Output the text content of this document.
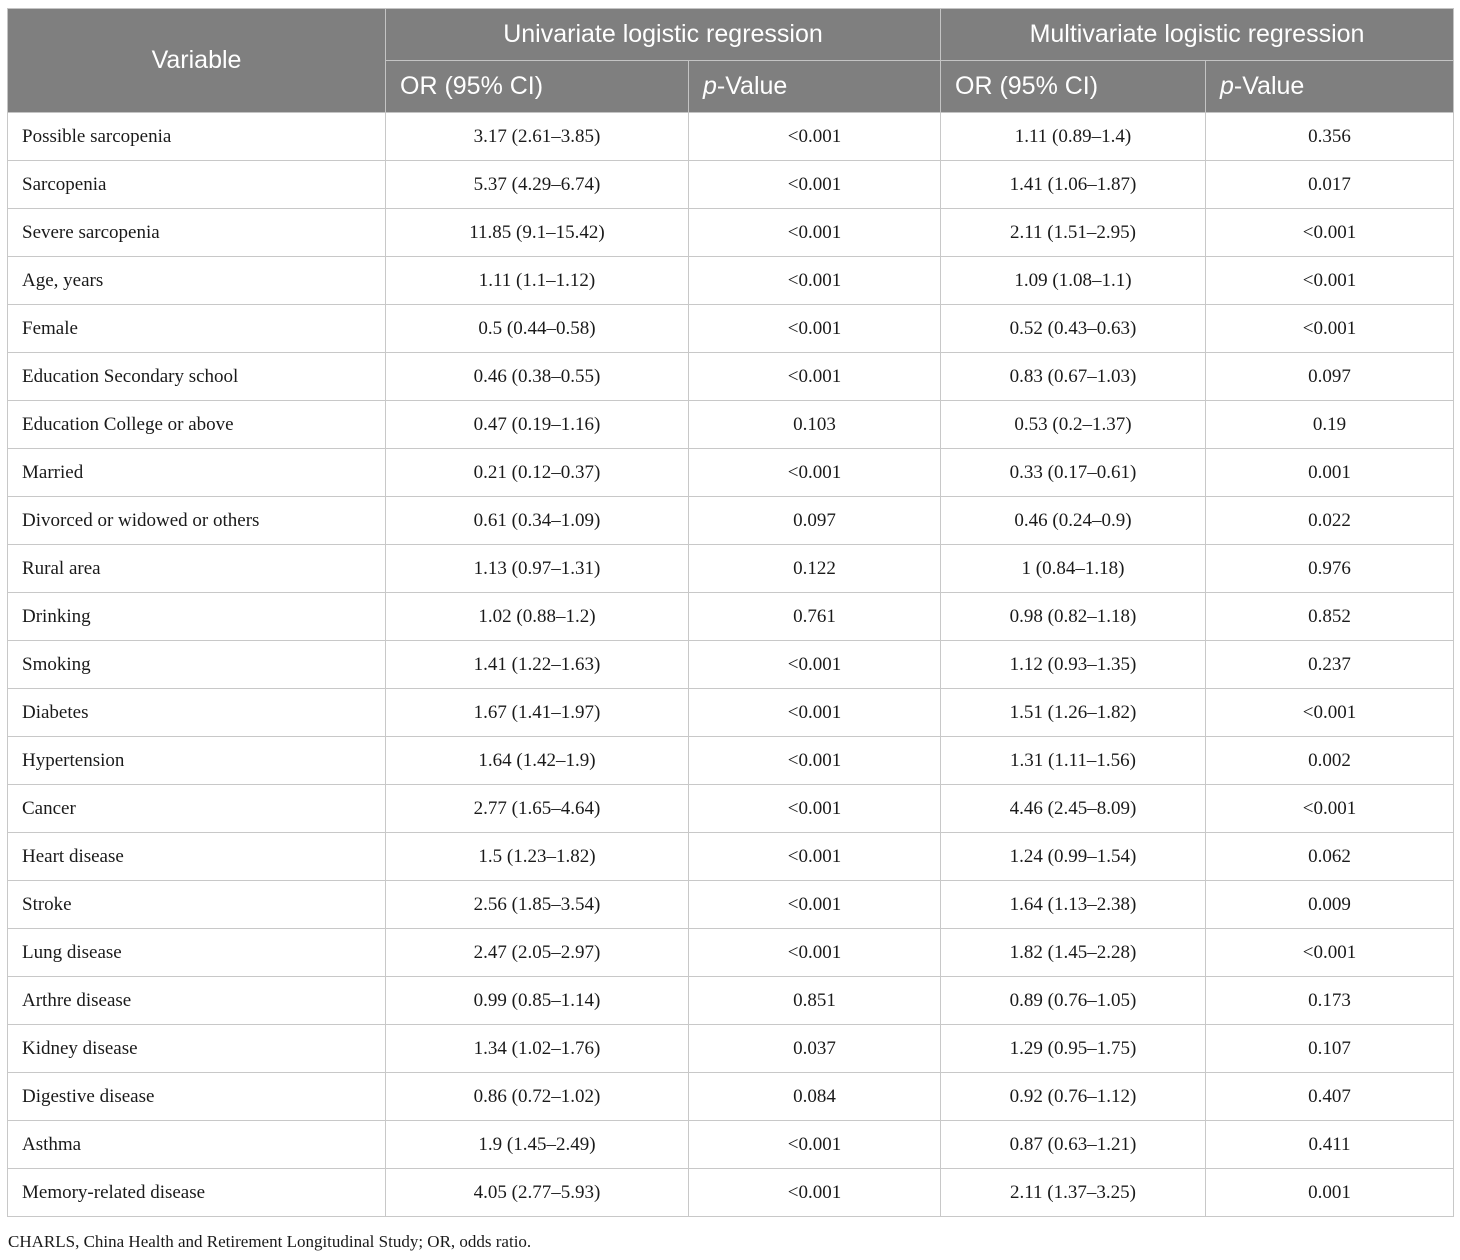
Variable	Univariate logistic regression		Multivariate logistic regression	
	OR (95% CI)	p-Value	OR (95% CI)	p-Value
Possible sarcopenia	3.17 (2.61–3.85)	<0.001	1.11 (0.89–1.4)	0.356
Sarcopenia	5.37 (4.29–6.74)	<0.001	1.41 (1.06–1.87)	0.017
Severe sarcopenia	11.85 (9.1–15.42)	<0.001	2.11 (1.51–2.95)	<0.001
Age, years	1.11 (1.1–1.12)	<0.001	1.09 (1.08–1.1)	<0.001
Female	0.5 (0.44–0.58)	<0.001	0.52 (0.43–0.63)	<0.001
Education Secondary school	0.46 (0.38–0.55)	<0.001	0.83 (0.67–1.03)	0.097
Education College or above	0.47 (0.19–1.16)	0.103	0.53 (0.2–1.37)	0.19
Married	0.21 (0.12–0.37)	<0.001	0.33 (0.17–0.61)	0.001
Divorced or widowed or others	0.61 (0.34–1.09)	0.097	0.46 (0.24–0.9)	0.022
Rural area	1.13 (0.97–1.31)	0.122	1 (0.84–1.18)	0.976
Drinking	1.02 (0.88–1.2)	0.761	0.98 (0.82–1.18)	0.852
Smoking	1.41 (1.22–1.63)	<0.001	1.12 (0.93–1.35)	0.237
Diabetes	1.67 (1.41–1.97)	<0.001	1.51 (1.26–1.82)	<0.001
Hypertension	1.64 (1.42–1.9)	<0.001	1.31 (1.11–1.56)	0.002
Cancer	2.77 (1.65–4.64)	<0.001	4.46 (2.45–8.09)	<0.001
Heart disease	1.5 (1.23–1.82)	<0.001	1.24 (0.99–1.54)	0.062
Stroke	2.56 (1.85–3.54)	<0.001	1.64 (1.13–2.38)	0.009
Lung disease	2.47 (2.05–2.97)	<0.001	1.82 (1.45–2.28)	<0.001
Arthre disease	0.99 (0.85–1.14)	0.851	0.89 (0.76–1.05)	0.173
Kidney disease	1.34 (1.02–1.76)	0.037	1.29 (0.95–1.75)	0.107
Digestive disease	0.86 (0.72–1.02)	0.084	0.92 (0.76–1.12)	0.407
Asthma	1.9 (1.45–2.49)	<0.001	0.87 (0.63–1.21)	0.411
Memory-related disease	4.05 (2.77–5.93)	<0.001	2.11 (1.37–3.25)	0.001
CHARLS, China Health and Retirement Longitudinal Study; OR, odds ratio.
